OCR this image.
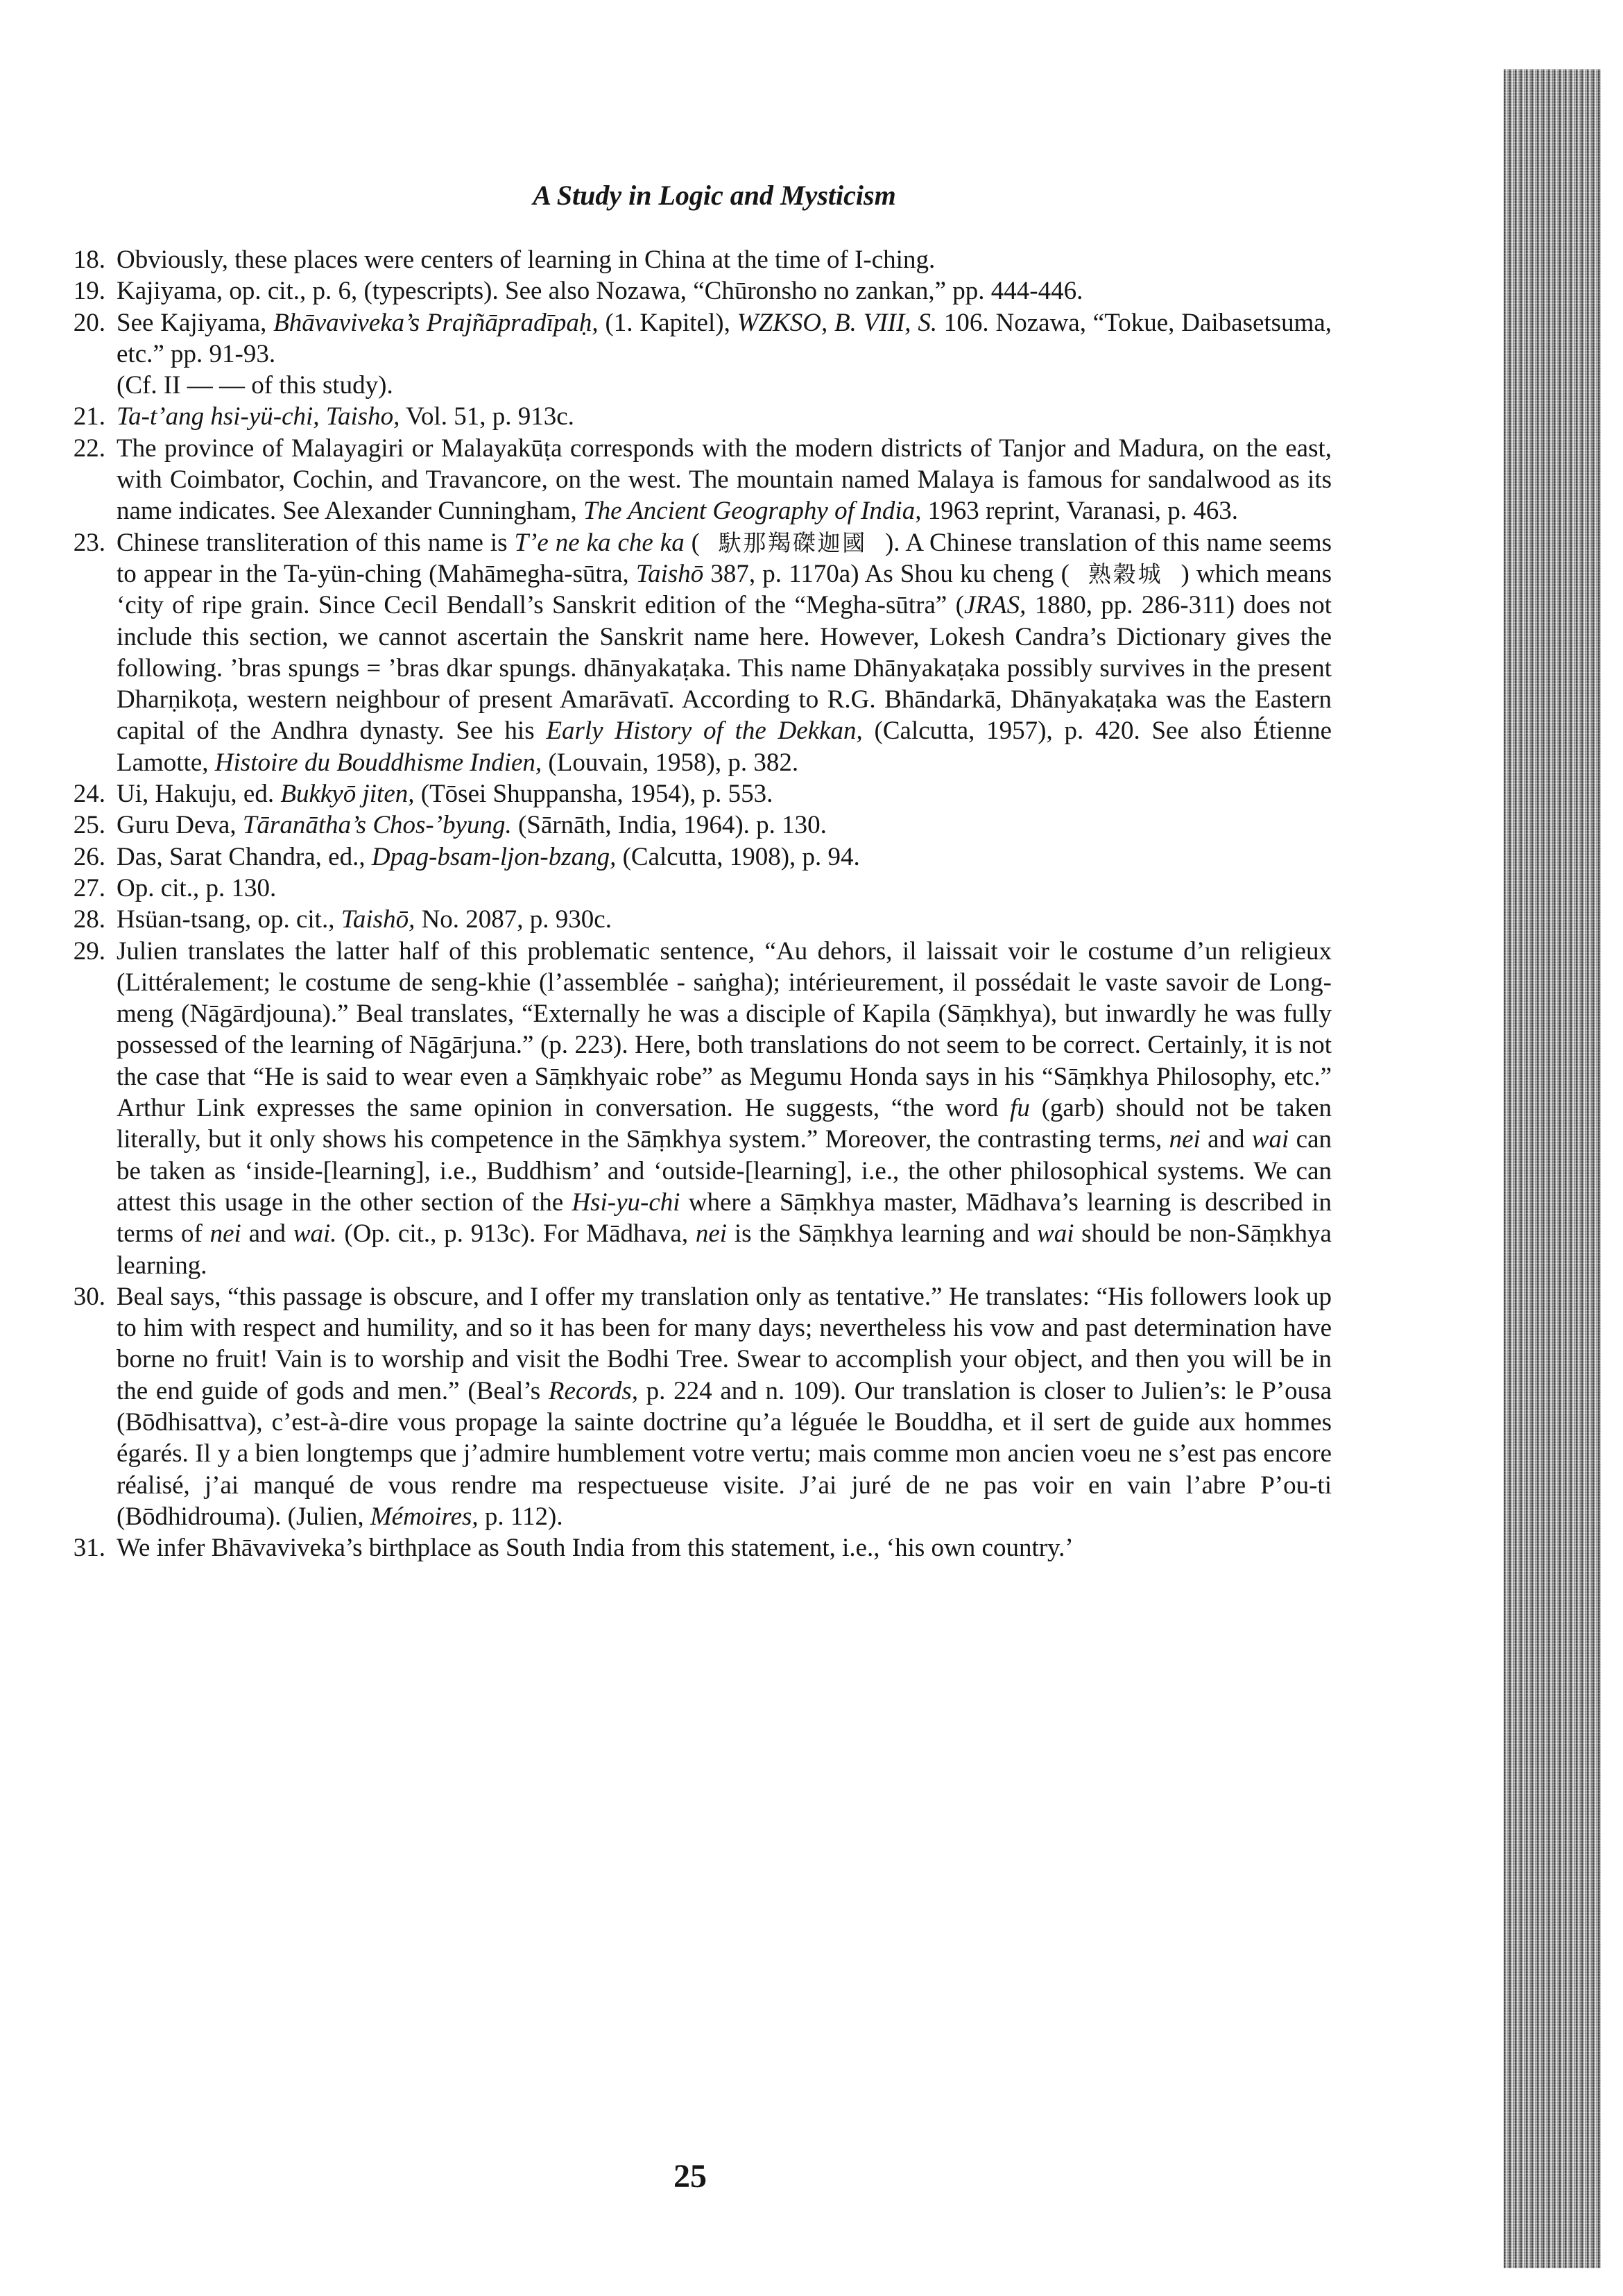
A Study in Logic and Mysticism
18. Obviously, these places were centers of learning in China at the time of I-ching.
19. Kajiyama, op. cit., p. 6, (typescripts). See also Nozawa, “Chūronsho no zankan,” pp. 444-446.
20. See Kajiyama, Bhāvaviveka’s Prajñāpradīpaḥ, (1. Kapitel), WZKSO, B. VIII, S. 106. Nozawa, “Tokue, Daibasetsuma, etc.” pp. 91-93.
(Cf. II — — of this study).
21. Ta-t’ang hsi-yü-chi, Taisho, Vol. 51, p. 913c.
22. The province of Malayagiri or Malayakūṭa corresponds with the modern districts of Tanjor and Madura, on the east, with Coimbator, Cochin, and Travancore, on the west. The mountain named Malaya is famous for sandalwood as its name indicates. See Alexander Cunningham, The Ancient Geography of India, 1963 reprint, Varanasi, p. 463.
23. Chinese transliteration of this name is T’e ne ka che ka ( 馱那羯磔迦國 ). A Chinese translation of this name seems to appear in the Ta-yün-ching (Mahāmegha-sūtra, Taishō 387, p. 1170a) As Shou ku cheng ( 熟穀城 ) which means ‘city of ripe grain. Since Cecil Bendall’s Sanskrit edition of the “Megha-sūtra” (JRAS, 1880, pp. 286-311) does not include this section, we cannot ascertain the Sanskrit name here. However, Lokesh Candra’s Dictionary gives the following. ’bras spungs = ’bras dkar spungs. dhānyakaṭaka. This name Dhānyakaṭaka possibly survives in the present Dharṇikoṭa, western neighbour of present Amarāvatī. According to R.G. Bhāndarkā, Dhānyakaṭaka was the Eastern capital of the Andhra dynasty. See his Early History of the Dekkan, (Calcutta, 1957), p. 420. See also Étienne Lamotte, Histoire du Bouddhisme Indien, (Louvain, 1958), p. 382.
24. Ui, Hakuju, ed. Bukkyō jiten, (Tōsei Shuppansha, 1954), p. 553.
25. Guru Deva, Tāranātha’s Chos-’byung. (Sārnāth, India, 1964). p. 130.
26. Das, Sarat Chandra, ed., Dpag-bsam-ljon-bzang, (Calcutta, 1908), p. 94.
27. Op. cit., p. 130.
28. Hsüan-tsang, op. cit., Taishō, No. 2087, p. 930c.
29. Julien translates the latter half of this problematic sentence, “Au dehors, il laissait voir le costume d’un religieux (Littéralement; le costume de seng-khie (l’assemblée - saṅgha); intérieurement, il possédait le vaste savoir de Long-meng (Nāgārdjouna).” Beal translates, “Externally he was a disciple of Kapila (Sāṃkhya), but inwardly he was fully possessed of the learning of Nāgārjuna.” (p. 223). Here, both translations do not seem to be correct. Certainly, it is not the case that “He is said to wear even a Sāṃkhyaic robe” as Megumu Honda says in his “Sāṃkhya Philosophy, etc.” Arthur Link expresses the same opinion in conversation. He suggests, “the word fu (garb) should not be taken literally, but it only shows his competence in the Sāṃkhya system.” Moreover, the contrasting terms, nei and wai can be taken as ‘inside-[learning], i.e., Buddhism’ and ‘outside-[learning], i.e., the other philosophical systems. We can attest this usage in the other section of the Hsi-yu-chi where a Sāṃkhya master, Mādhava’s learning is described in terms of nei and wai. (Op. cit., p. 913c). For Mādhava, nei is the Sāṃkhya learning and wai should be non-Sāṃkhya learning.
30. Beal says, “this passage is obscure, and I offer my translation only as tentative.” He translates: “His followers look up to him with respect and humility, and so it has been for many days; nevertheless his vow and past determination have borne no fruit! Vain is to worship and visit the Bodhi Tree. Swear to accomplish your object, and then you will be in the end guide of gods and men.” (Beal’s Records, p. 224 and n. 109). Our translation is closer to Julien’s: le P’ousa (Bōdhisattva), c’est-à-dire vous propage la sainte doctrine qu’a léguée le Bouddha, et il sert de guide aux hommes égarés. Il y a bien longtemps que j’admire humblement votre vertu; mais comme mon ancien voeu ne s’est pas encore réalisé, j’ai manqué de vous rendre ma respectueuse visite. J’ai juré de ne pas voir en vain l’abre P’ou-ti (Bōdhidrouma). (Julien, Mémoires, p. 112).
31. We infer Bhāvaviveka’s birthplace as South India from this statement, i.e., ‘his own country.’
25
